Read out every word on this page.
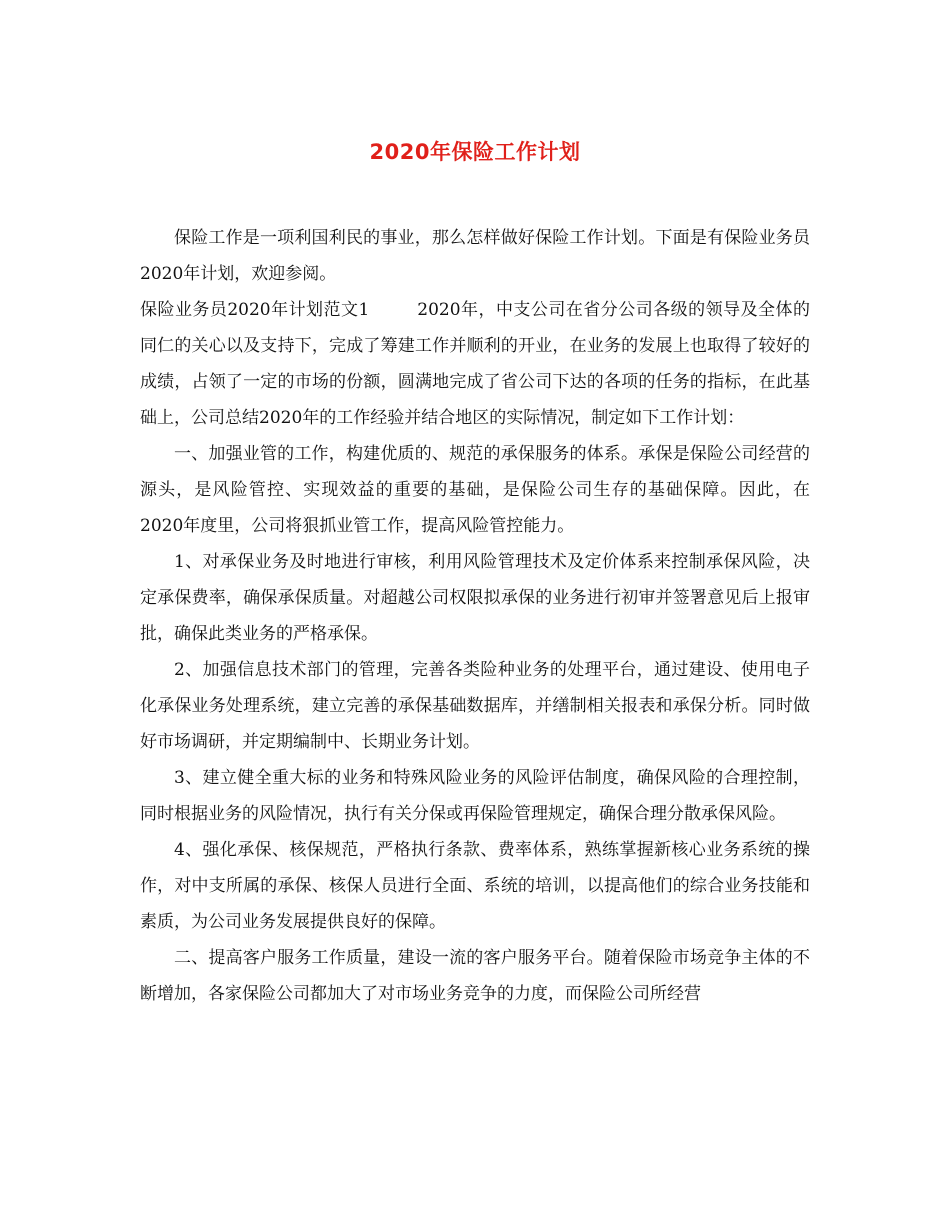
2020年保险工作计划

保险工作是一项利国利民的事业，那么怎样做好保险工作计划。下面是有保险业务员2020年计划，欢迎参阅。

保险业务员2020年计划范文1	2020年，中支公司在省分公司各级的领导及全体的同仁的关心以及支持下，完成了筹建工作并顺利的开业，在业务的发展上也取得了较好的成绩，占领了一定的市场的份额，圆满地完成了省公司下达的各项的任务的指标，在此基础上，公司总结2020年的工作经验并结合地区的实际情况，制定如下工作计划：

一、加强业管的工作，构建优质的、规范的承保服务的体系。承保是保险公司经营的源头，是风险管控、实现效益的重要的基础，是保险公司生存的基础保障。因此，在2020年度里，公司将狠抓业管工作，提高风险管控能力。

1、对承保业务及时地进行审核，利用风险管理技术及定价体系来控制承保风险，决定承保费率，确保承保质量。对超越公司权限拟承保的业务进行初审并签署意见后上报审批，确保此类业务的严格承保。

2、加强信息技术部门的管理，完善各类险种业务的处理平台，通过建设、使用电子化承保业务处理系统，建立完善的承保基础数据库，并缮制相关报表和承保分析。同时做好市场调研，并定期编制中、长期业务计划。

3、建立健全重大标的业务和特殊风险业务的风险评估制度，确保风险的合理控制，同时根据业务的风险情况，执行有关分保或再保险管理规定，确保合理分散承保风险。

4、强化承保、核保规范，严格执行条款、费率体系，熟练掌握新核心业务系统的操作，对中支所属的承保、核保人员进行全面、系统的培训，以提高他们的综合业务技能和素质，为公司业务发展提供良好的保障。

二、提高客户服务工作质量，建设一流的客户服务平台。随着保险市场竞争主体的不断增加，各家保险公司都加大了对市场业务竞争的力度，而保险公司所经营
